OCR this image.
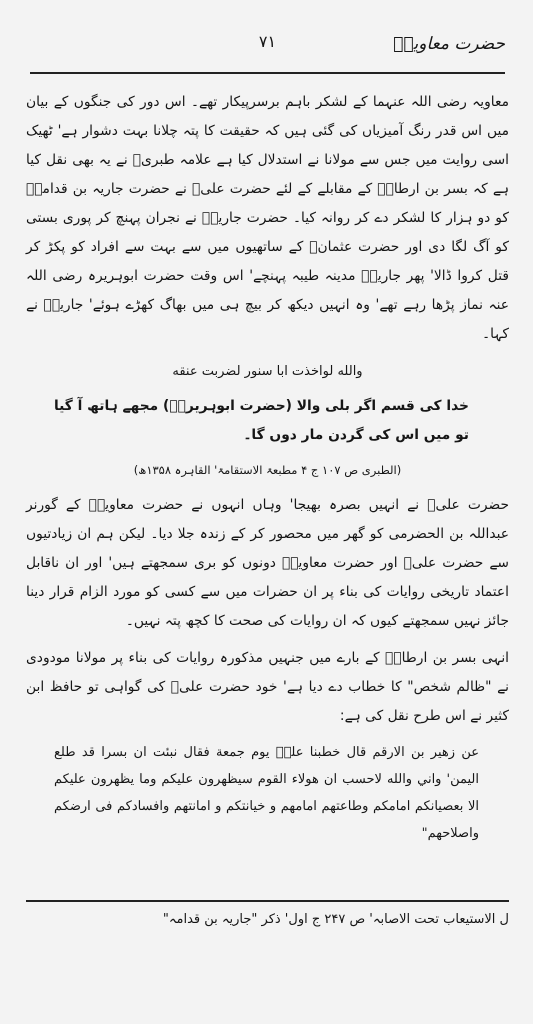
حضرت معاویہؓ
۷۱

معاویہ رضی اللہ عنہما کے لشکر باہم برسرپیکار تھے۔ اس دور کی جنگوں کے بیان میں اس قدر رنگ آمیزیاں کی گئی ہیں کہ حقیقت کا پتہ چلانا بہت دشوار ہے' ٹھیک اسی روایت میں جس سے مولانا نے استدلال کیا ہے علامہ طبریؒ نے یہ بھی نقل کیا ہے کہ بسر بن ارطاۃؓ کے مقابلے کے لئے حضرت علیؓ نے حضرت جاریہ بن قدامہؓ کو دو ہزار کا لشکر دے کر روانہ کیا۔ حضرت جاریہؓ نے نجران پہنچ کر پوری بستی کو آگ لگا دی اور حضرت عثمانؓ کے ساتھیوں میں سے بہت سے افراد کو پکڑ کر قتل کروا ڈالا' پھر جاریہؓ مدینہ طیبہ پہنچے' اس وقت حضرت ابوہریرہ رضی اللہ عنہ نماز پڑھا رہے تھے' وہ انہیں دیکھ کر بیچ ہی میں بھاگ کھڑے ہوئے' جاریہؓ نے کہا۔

والله لواخذت ابا سنور لضربت عنقه
خدا کی قسم اگر بلی والا (حضرت ابوہریرہؓ) مجھے ہاتھ آ گیا تو میں اس کی گردن مار دوں گا۔
(الطبری ص ۱۰۷ ج ۴ مطبعۃ الاستقامۃ' القاہرہ ۱۳۵۸ھ)

حضرت علیؓ نے انہیں بصرہ بھیجا' وہاں انہوں نے حضرت معاویہؓ کے گورنر عبداللہ بن الحضرمی کو گھر میں محصور کر کے زندہ جلا دیا۔ لیکن ہم ان زیادتیوں سے حضرت علیؓ اور حضرت معاویہؓ دونوں کو بری سمجھتے ہیں' اور ان ناقابل اعتماد تاریخی روایات کی بناء پر ان حضرات میں سے کسی کو مورد الزام قرار دینا جائز نہیں سمجھتے کیوں کہ ان روایات کی صحت کا کچھ پتہ نہیں۔

انہی بسر بن ارطاۃؓ کے بارے میں جنہیں مذکورہ روایات کی بناء پر مولانا مودودی نے "ظالم شخص" کا خطاب دے دیا ہے' خود حضرت علیؓ کی گواہی تو حافظ ابن کثیر نے اس طرح نقل کی ہے:

عن زهير بن الارقم قال خطبنا عليؓ يوم جمعة فقال نبئت ان بسرا قد طلع اليمن' واني والله لاحسب ان هولاء القوم سيظهرون عليكم وما يظهرون عليكم الا بعصيانكم امامكم وطاعتهم امامهم و خيانتكم و امانتهم وافسادكم فى ارضكم واصلاحهم"
ل الاستیعاب تحت الاصابہ' ص ۲۴۷ ج اول' ذکر "جاریہ بن قدامہ"
